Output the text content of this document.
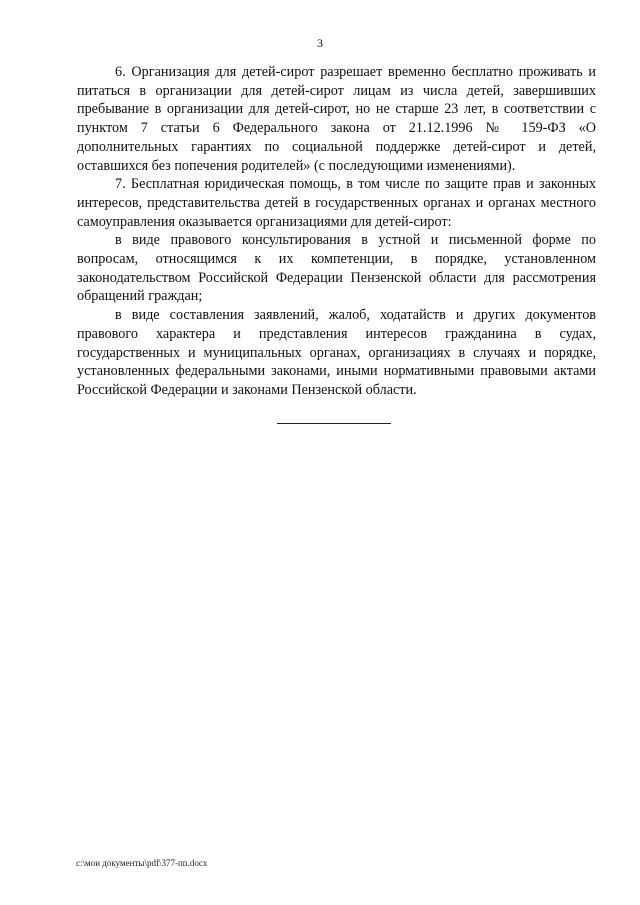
3

6. Организация для детей-сирот разрешает временно бесплатно проживать и питаться в организации для детей-сирот лицам из числа детей, завершивших пребывание в организации для детей-сирот, но не старше 23 лет, в соответствии с пунктом 7 статьи 6 Федерального закона от 21.12.1996 № 159-ФЗ «О дополнительных гарантиях по социальной поддержке детей-сирот и детей, оставшихся без попечения родителей» (с последующими изменениями).

7. Бесплатная юридическая помощь, в том числе по защите прав и законных интересов, представительства детей в государственных органах и органах местного самоуправления оказывается организациями для детей-сирот:

в виде правового консультирования в устной и письменной форме по вопросам, относящимся к их компетенции, в порядке, установленном законодательством Российской Федерации Пензенской области для рассмотрения обращений граждан;

в виде составления заявлений, жалоб, ходатайств и других документов правового характера и представления интересов гражданина в судах, государственных и муниципальных органах, организациях в случаях и порядке, установленных федеральными законами, иными нормативными правовыми актами Российской Федерации и законами Пензенской области.

c:\мои документы\pdf\377-пп.docx
